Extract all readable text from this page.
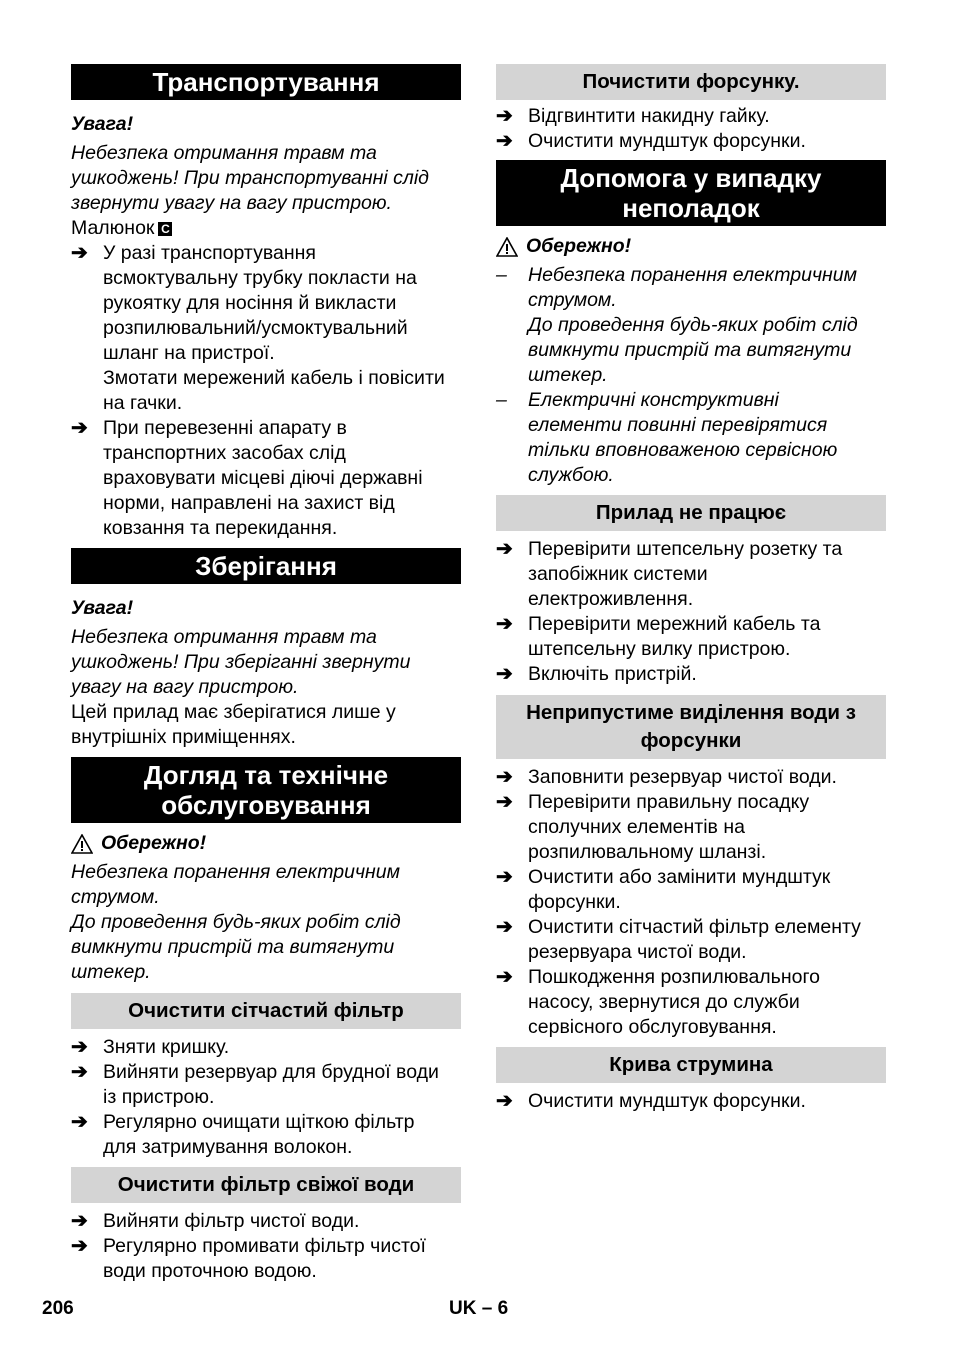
Транспортування
Увага!
Небезпека отримання травм та
ушкоджень! При транспортуванні слід
звернути увагу на вагу пристрою.
Малюнок C
➔ У разі транспортування
всмоктувальну трубку покласти на
рукоятку для носіння й викласти
розпилювальний/усмоктувальний
шланг на пристрої.
Змотати мережений кабель і повісити
на гачки.
➔ При перевезенні апарату в
транспортних засобах слід
враховувати місцеві діючі державні
норми, направлені на захист від
ковзання та перекидання.
Зберігання
Увага!
Небезпека отримання травм та
ушкоджень! При зберіганні звернути
увагу на вагу пристрою.
Цей прилад має зберігатися лише у
внутрішніх приміщеннях.
Догляд та технічне
обслуговування
Обережно!
Небезпека поранення електричним
струмом.
До проведення будь-яких робіт слід
вимкнути пристрій та витягнути
штекер.
Очистити сітчастий фільтр
➔ Зняти кришку.
➔ Вийняти резервуар для брудної води
із пристрою.
➔ Регулярно очищати щіткою фільтр
для затримування волокон.
Очистити фільтр свіжої води
➔ Вийняти фільтр чистої води.
➔ Регулярно промивати фільтр чистої
води проточною водою.
Почистити форсунку.
➔ Відгвинтити накидну гайку.
➔ Очистити мундштук форсунки.
Допомога у випадку
неполадок
Обережно!
–	Небезпека поранення електричним
струмом.
До проведення будь-яких робіт слід
вимкнути пристрій та витягнути
штекер.
–	Електричні конструктивні
елементи повинні перевірятися
тільки вповноваженою сервісною
службою.
Прилад не працює
➔ Перевірити штепсельну розетку та
запобіжник системи
електроживлення.
➔ Перевірити мережний кабель та
штепсельну вилку пристрою.
➔ Включіть пристрій.
Неприпустиме виділення води з
форсунки
➔ Заповнити резервуар чистої води.
➔ Перевірити правильну посадку
сполучних елементів на
розпилювальному шланзі.
➔ Очистити або замінити мундштук
форсунки.
➔ Очистити сітчастий фільтр елементу
резервуара чистої води.
➔ Пошкодження розпилювального
насосу, звернутися до служби
сервісного обслуговування.
Крива струмина
➔ Очистити мундштук форсунки.
206	UK – 6
